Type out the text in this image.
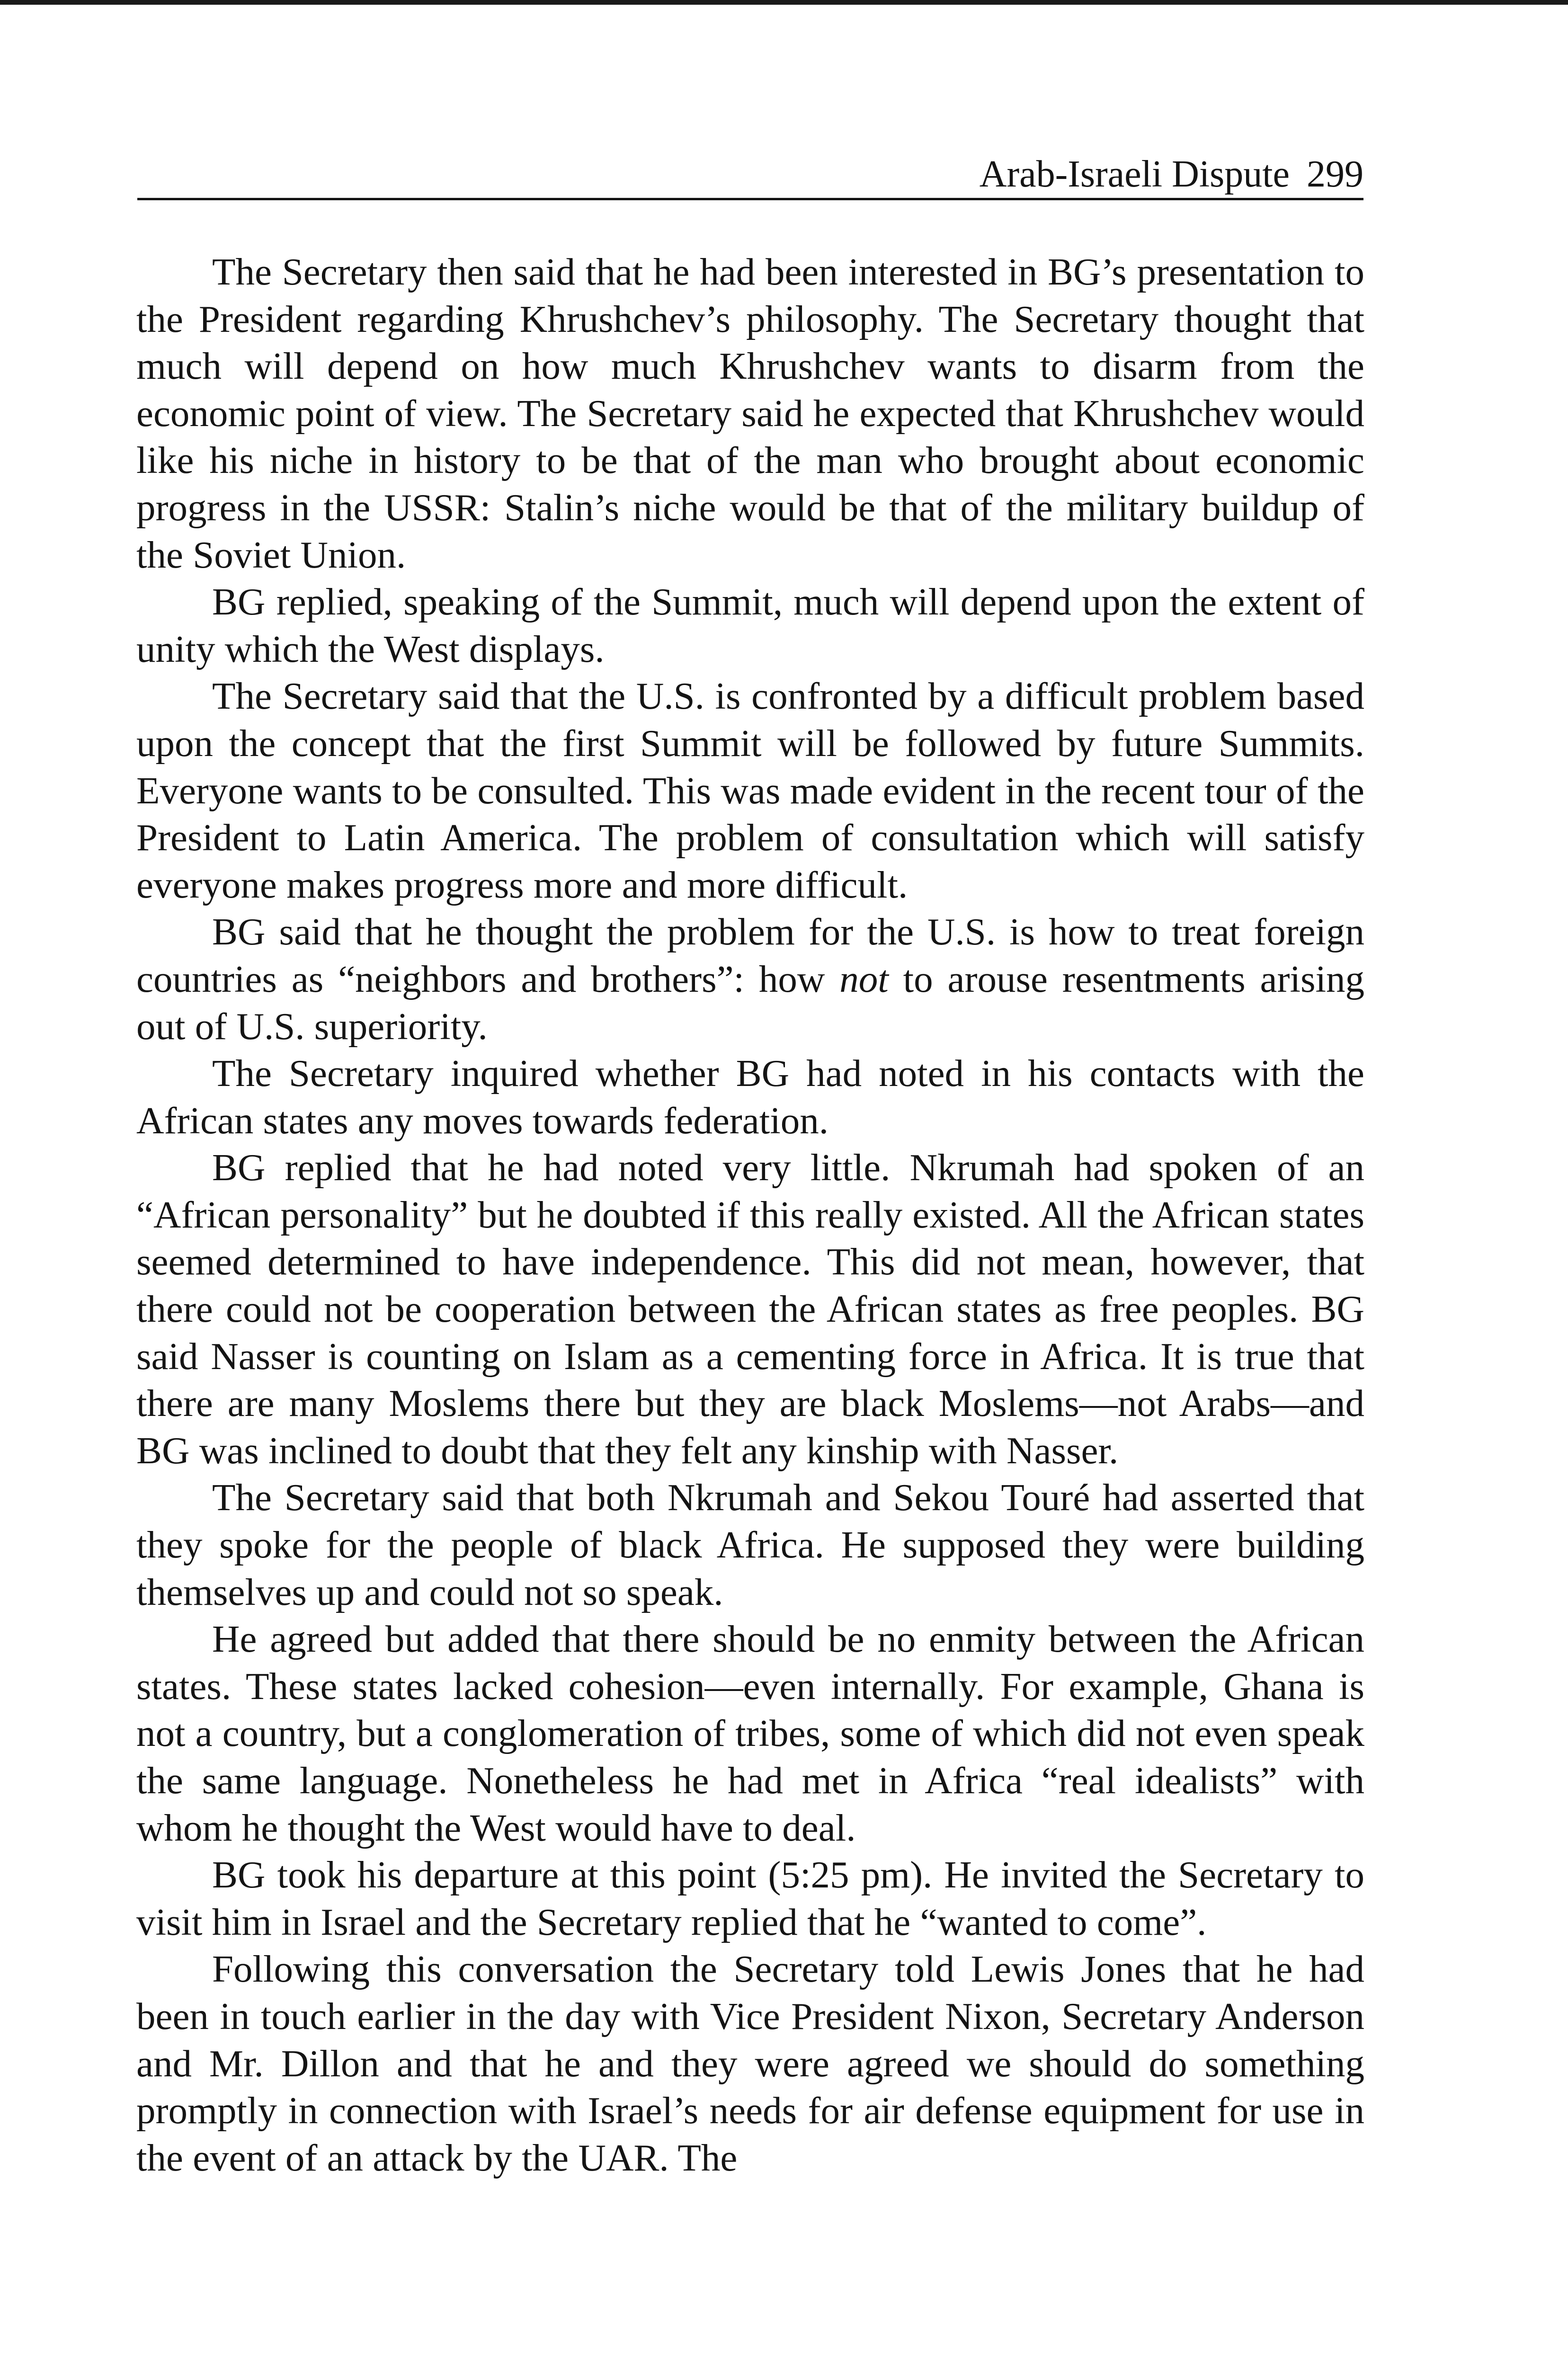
Arab-Israeli Dispute 299

The Secretary then said that he had been interested in BG’s presentation to the President regarding Khrushchev’s philosophy. The Secretary thought that much will depend on how much Khrushchev wants to disarm from the economic point of view. The Secretary said he expected that Khrushchev would like his niche in history to be that of the man who brought about economic progress in the USSR: Stalin’s niche would be that of the military buildup of the Soviet Union.

BG replied, speaking of the Summit, much will depend upon the extent of unity which the West displays.

The Secretary said that the U.S. is confronted by a difficult problem based upon the concept that the first Summit will be followed by future Summits. Everyone wants to be consulted. This was made evident in the recent tour of the President to Latin America. The problem of consultation which will satisfy everyone makes progress more and more difficult.

BG said that he thought the problem for the U.S. is how to treat foreign countries as “neighbors and brothers”: how not to arouse resentments arising out of U.S. superiority.

The Secretary inquired whether BG had noted in his contacts with the African states any moves towards federation.

BG replied that he had noted very little. Nkrumah had spoken of an “African personality” but he doubted if this really existed. All the African states seemed determined to have independence. This did not mean, however, that there could not be cooperation between the African states as free peoples. BG said Nasser is counting on Islam as a cementing force in Africa. It is true that there are many Moslems there but they are black Moslems—not Arabs—and BG was inclined to doubt that they felt any kinship with Nasser.

The Secretary said that both Nkrumah and Sekou Touré had asserted that they spoke for the people of black Africa. He supposed they were building themselves up and could not so speak.

He agreed but added that there should be no enmity between the African states. These states lacked cohesion—even internally. For example, Ghana is not a country, but a conglomeration of tribes, some of which did not even speak the same language. Nonetheless he had met in Africa “real idealists” with whom he thought the West would have to deal.

BG took his departure at this point (5:25 pm). He invited the Secretary to visit him in Israel and the Secretary replied that he “wanted to come”.

Following this conversation the Secretary told Lewis Jones that he had been in touch earlier in the day with Vice President Nixon, Secretary Anderson and Mr. Dillon and that he and they were agreed we should do something promptly in connection with Israel’s needs for air defense equipment for use in the event of an attack by the UAR. The
